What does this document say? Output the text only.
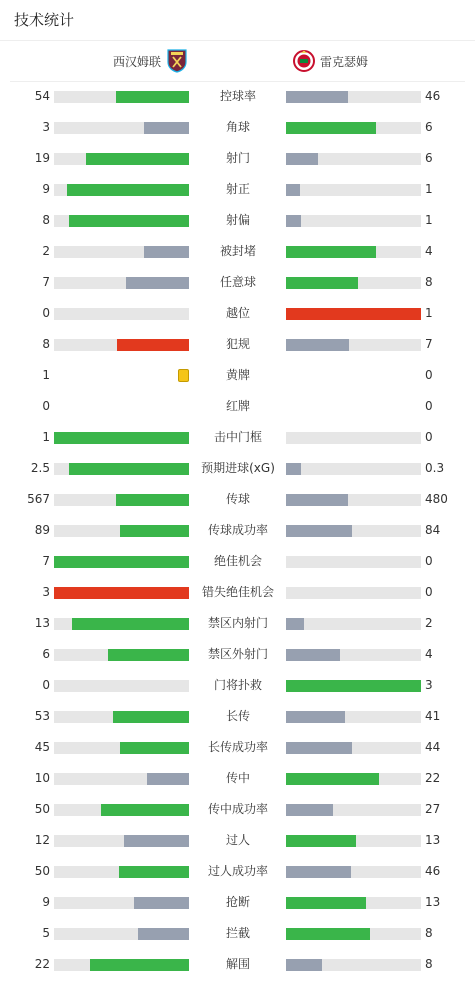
技术统计
西汉姆联	雷克瑟姆
54	控球率	46
3	角球	6
19	射门	6
9	射正	1
8	射偏	1
2	被封堵	4
7	任意球	8
0	越位	1
8	犯规	7
1	黄牌	0
0	红牌	0
1	击中门框	0
2.5	预期进球(xG)	0.3
567	传球	480
89	传球成功率	84
7	绝佳机会	0
3	错失绝佳机会	0
13	禁区内射门	2
6	禁区外射门	4
0	门将扑救	3
53	长传	41
45	长传成功率	44
10	传中	22
50	传中成功率	27
12	过人	13
50	过人成功率	46
9	抢断	13
5	拦截	8
22	解围	8
